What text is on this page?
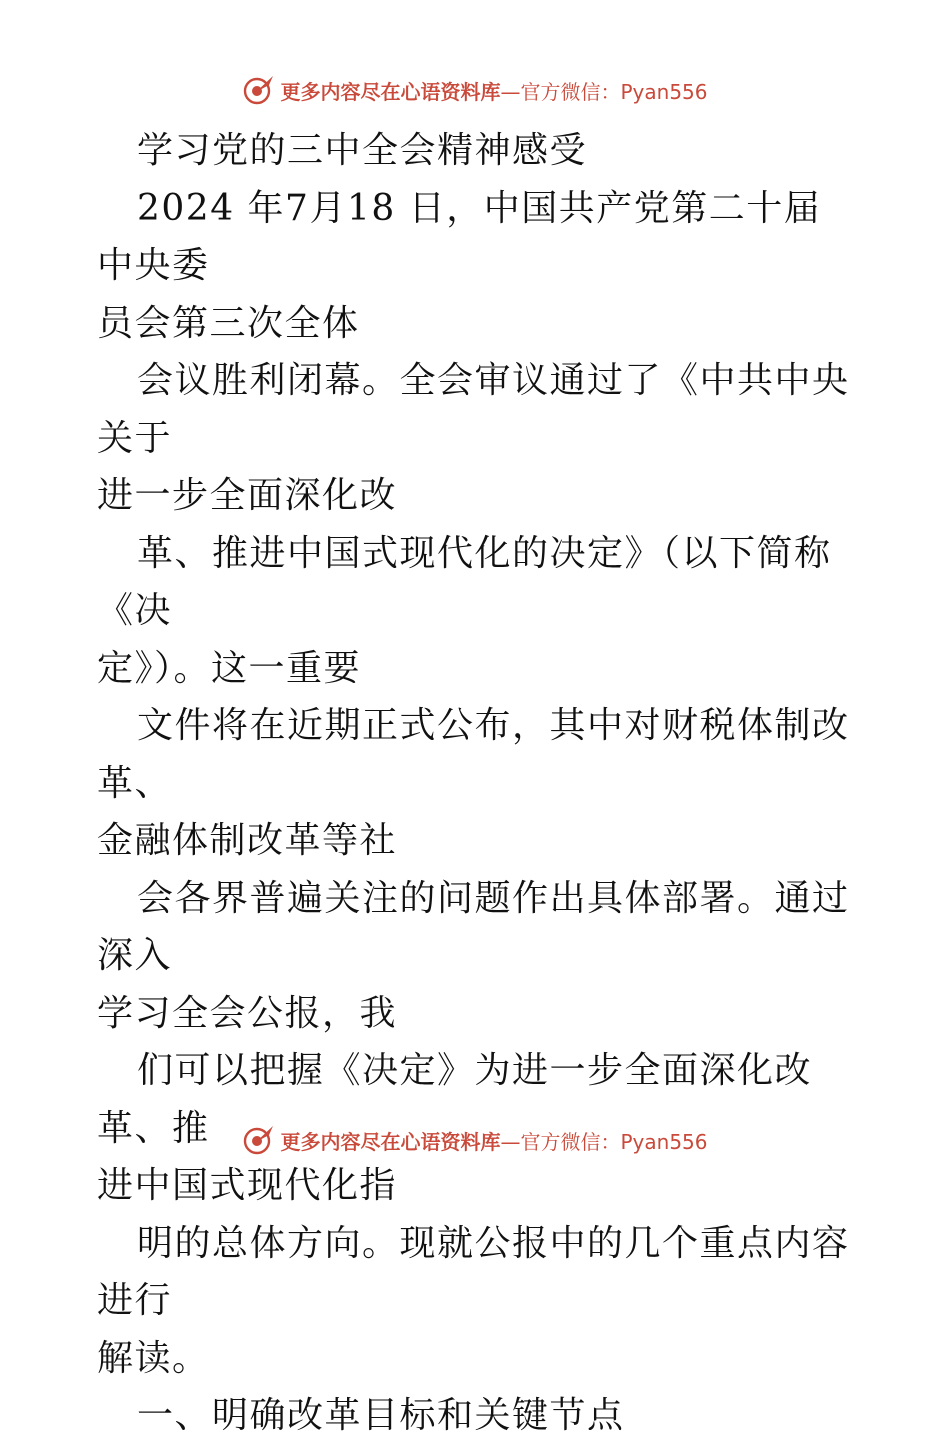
更多内容尽在心语资料库—官方微信：Pyan556

学习党的三中全会精神感受
2024 年7月18 日，中国共产党第二十届中央委
员会第三次全体
会议胜利闭幕。全会审议通过了《中共中央关于
进一步全面深化改
革、推进中国式现代化的决定》（以下简称《决
定》）。这一重要
文件将在近期正式公布，其中对财税体制改革、
金融体制改革等社
会各界普遍关注的问题作出具体部署。通过深入
学习全会公报，我
们可以把握《决定》为进一步全面深化改革、推
进中国式现代化指
明的总体方向。现就公报中的几个重点内容进行
解读。
一、明确改革目标和关键节点

更多内容尽在心语资料库—官方微信：Pyan556
